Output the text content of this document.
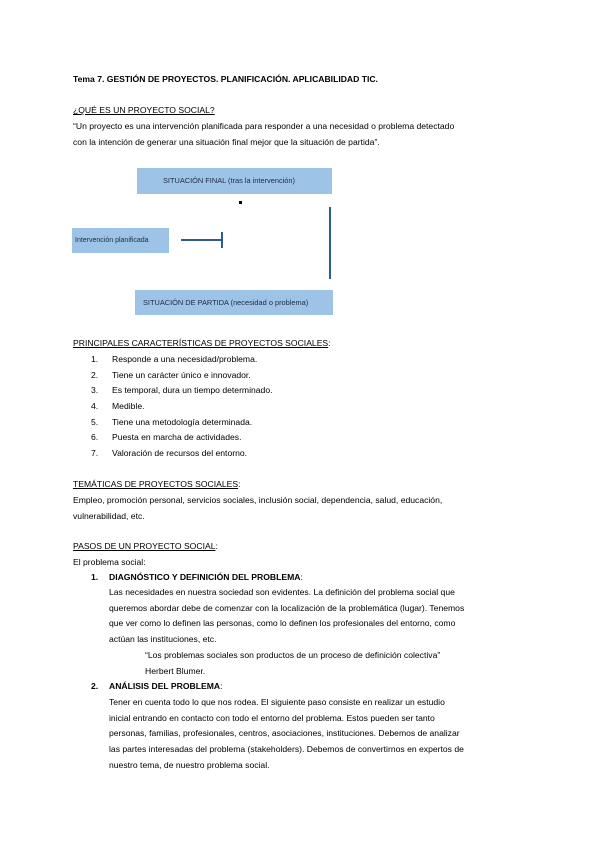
Tema 7. GESTIÓN DE PROYECTOS. PLANIFICACIÓN. APLICABILIDAD TIC.
¿QUÉ ES UN PROYECTO SOCIAL?
“Un proyecto es una intervención planificada para responder a una necesidad o problema detectado
con la intención de generar una situación final mejor que la situación de partida”.
SITUACIÓN FINAL (tras la intervención)
Intervención planificada
SITUACIÓN DE PARTIDA (necesidad o problema)
PRINCIPALES CARACTERÍSTICAS DE PROYECTOS SOCIALES:
1. Responde a una necesidad/problema.
2. Tiene un carácter único e innovador.
3. Es temporal, dura un tiempo determinado.
4. Medible.
5. Tiene una metodología determinada.
6. Puesta en marcha de actividades.
7. Valoración de recursos del entorno.
TEMÁTICAS DE PROYECTOS SOCIALES:
Empleo, promoción personal, servicios sociales, inclusión social, dependencia, salud, educación,
vulnerabilidad, etc.
PASOS DE UN PROYECTO SOCIAL:
El problema social:
1. DIAGNÓSTICO Y DEFINICIÓN DEL PROBLEMA:
Las necesidades en nuestra sociedad son evidentes. La definición del problema social que
queremos abordar debe de comenzar con la localización de la problemática (lugar). Tenemos
que ver como lo definen las personas, como lo definen los profesionales del entorno, como
actúan las instituciones, etc.
“Los problemas sociales son productos de un proceso de definición colectiva”
Herbert Blumer.
2. ANÁLISIS DEL PROBLEMA:
Tener en cuenta todo lo que nos rodea. El siguiente paso consiste en realizar un estudio
inicial entrando en contacto con todo el entorno del problema. Estos pueden ser tanto
personas, familias, profesionales, centros, asociaciones, instituciones. Debemos de analizar
las partes interesadas del problema (stakeholders). Debemos de convertirnos en expertos de
nuestro tema, de nuestro problema social.
